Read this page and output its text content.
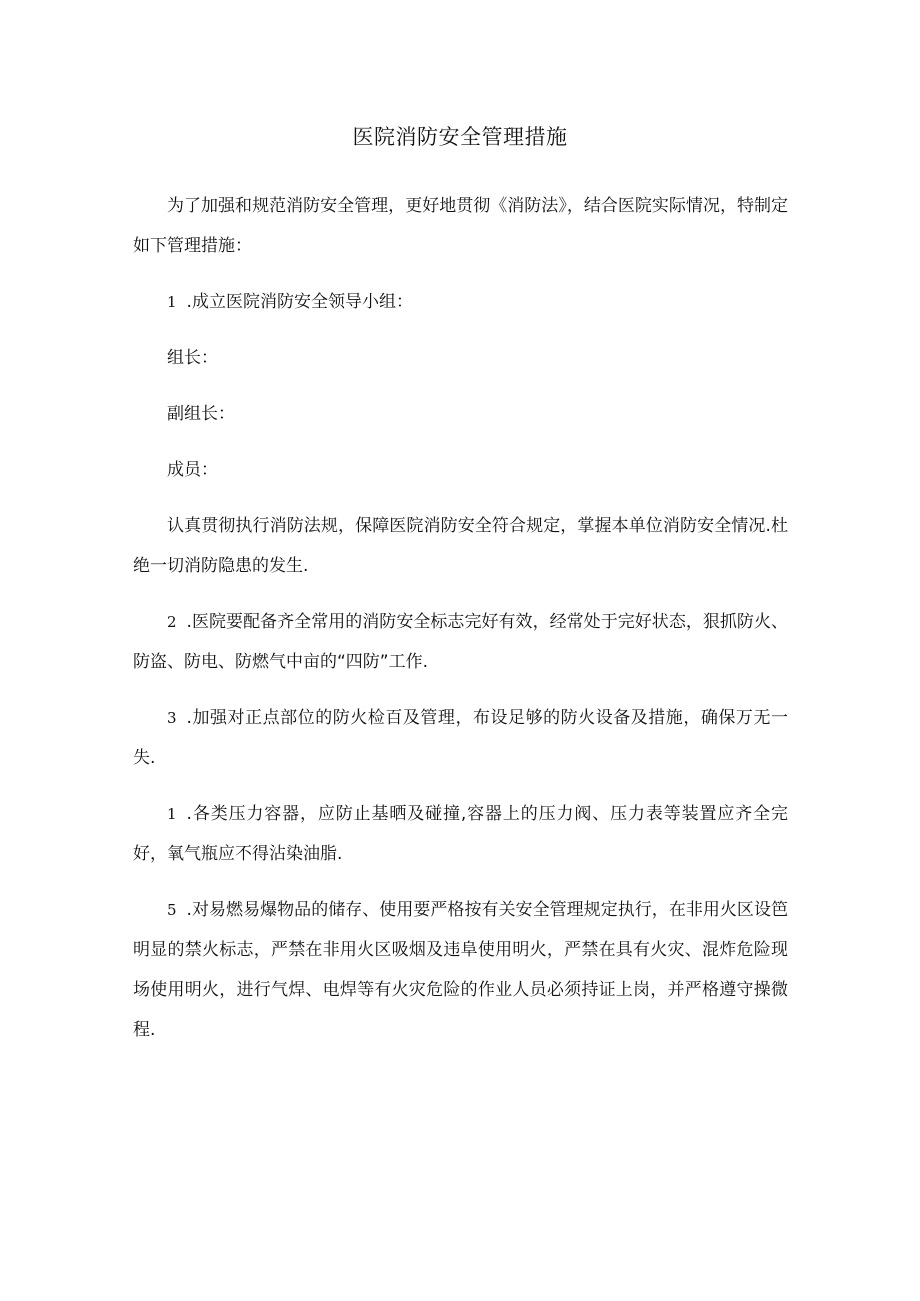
医院消防安全管理措施

为了加强和规范消防安全管理，更好地贯彻《消防法》，结合医院实际情况，特制定如下管理措施：

1 .成立医院消防安全领导小组：

组长：

副组长：

成员：

认真贯彻执行消防法规，保障医院消防安全符合规定，掌握本单位消防安全情况.杜绝一切消防隐患的发生.

2 .医院要配备齐全常用的消防安全标志完好有效，经常处于完好状态，狠抓防火、防盗、防电、防燃气中亩的“四防”工作.

3 .加强对正点部位的防火检百及管理，布设足够的防火设备及措施，确保万无一失.

1 .各类压力容器，应防止基晒及碰撞,容器上的压力阀、压力表等装置应齐全完好，氧气瓶应不得沾染油脂.

5 .对易燃易爆物品的储存、使用要严格按有关安全管理规定执行，在非用火区设笆明显的禁火标志，严禁在非用火区吸烟及违阜使用明火，严禁在具有火灾、混炸危险现场使用明火，进行气焊、电焊等有火灾危险的作业人员必须持证上岗，并严格遵守操微程.
